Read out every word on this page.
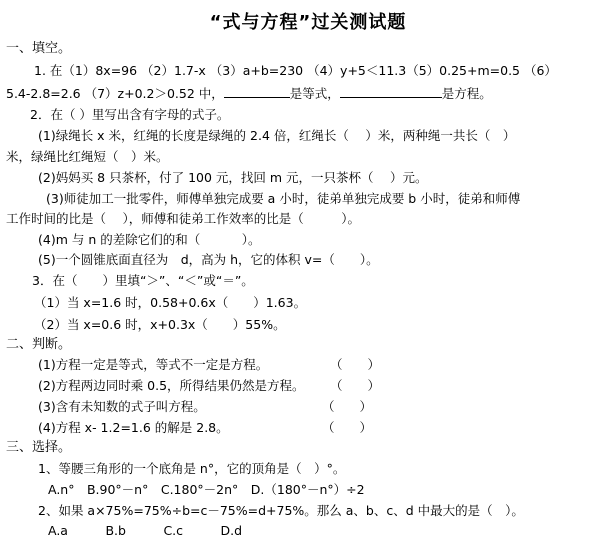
“式与方程”过关测试题
一、填空。
1. 在（1）8x=96 （2）1.7-x （3）a+b=230 （4）y+5＜11.3（5）0.25+m=0.5 （6）
5.4-2.8=2.6 （7）z+0.2＞0.52 中，	是等式，	是方程。
2．在（ ）里写出含有字母的式子。
(1)绿绳长 x 米，红绳的长度是绿绳的 2.4 倍，红绳长（　 ）米，两种绳一共长（　）
米，绿绳比红绳短（　）米。
(2)妈妈买 8 只茶杯，付了 100 元，找回 m 元，一只茶杯（　 ）元。
(3)师徒加工一批零件，师傅单独完成要 a 小时，徒弟单独完成要 b 小时，徒弟和师傅
工作时间的比是（　 ），师傅和徒弟工作效率的比是（　　　）。
(4)m 与 n 的差除它们的和（　　　 ）。
(5)一个圆锥底面直径为　d，高为 h，它的体积 v=（　　）。
3．在（　　）里填“＞”、“＜”或“＝”。
（1）当 x=1.6 时，0.58+0.6x（　　）1.63。
（2）当 x=0.6 时，x+0.3x（　　）55%。
二、判断。
(1)方程一定是等式，等式不一定是方程。	（　　）
(2)方程两边同时乘 0.5，所得结果仍然是方程。 （　　）
(3)含有未知数的式子叫方程。	（　　）
(4)方程 x- 1.2=1.6 的解是 2.8。	（　　）
三、选择。
1、等腰三角形的一个底角是 n°，它的顶角是（　）°。
A.n°　B.90°－n°　C.180°－2n°　D.（180°－n°）÷2
2、如果 a×75%=75%÷b=c－75%=d+75%。那么 a、b、c、d 中最大的是（　）。
A.a　　　B.b　　　C.c　　　D.d
